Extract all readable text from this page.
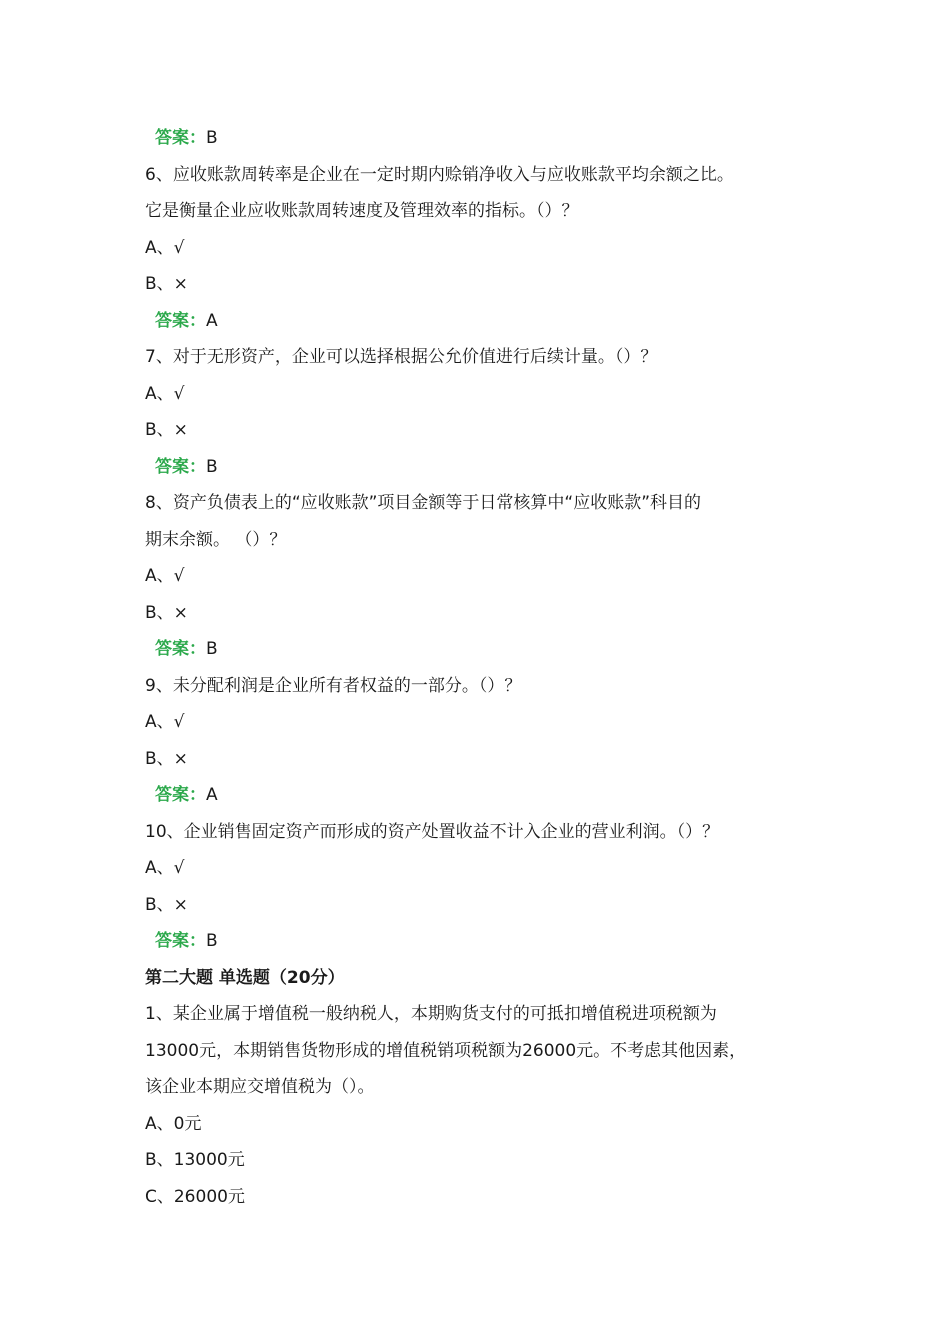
答案：B
6、应收账款周转率是企业在一定时期内赊销净收入与应收账款平均余额之比。
它是衡量企业应收账款周转速度及管理效率的指标。（）？
A、√
B、×
答案：A
7、对于无形资产，企业可以选择根据公允价值进行后续计量。（）？
A、√
B、×
答案：B
8、资产负债表上的“应收账款”项目金额等于日常核算中“应收账款”科目的
期末余额。 （）？
A、√
B、×
答案：B
9、未分配利润是企业所有者权益的一部分。（）？
A、√
B、×
答案：A
10、企业销售固定资产而形成的资产处置收益不计入企业的营业利润。（）？
A、√
B、×
答案：B
第二大题 单选题（20分）
1、某企业属于增值税一般纳税人，本期购货支付的可抵扣增值税进项税额为
13000元，本期销售货物形成的增值税销项税额为26000元。不考虑其他因素，
该企业本期应交增值税为（）。
A、0元
B、13000元
C、26000元
